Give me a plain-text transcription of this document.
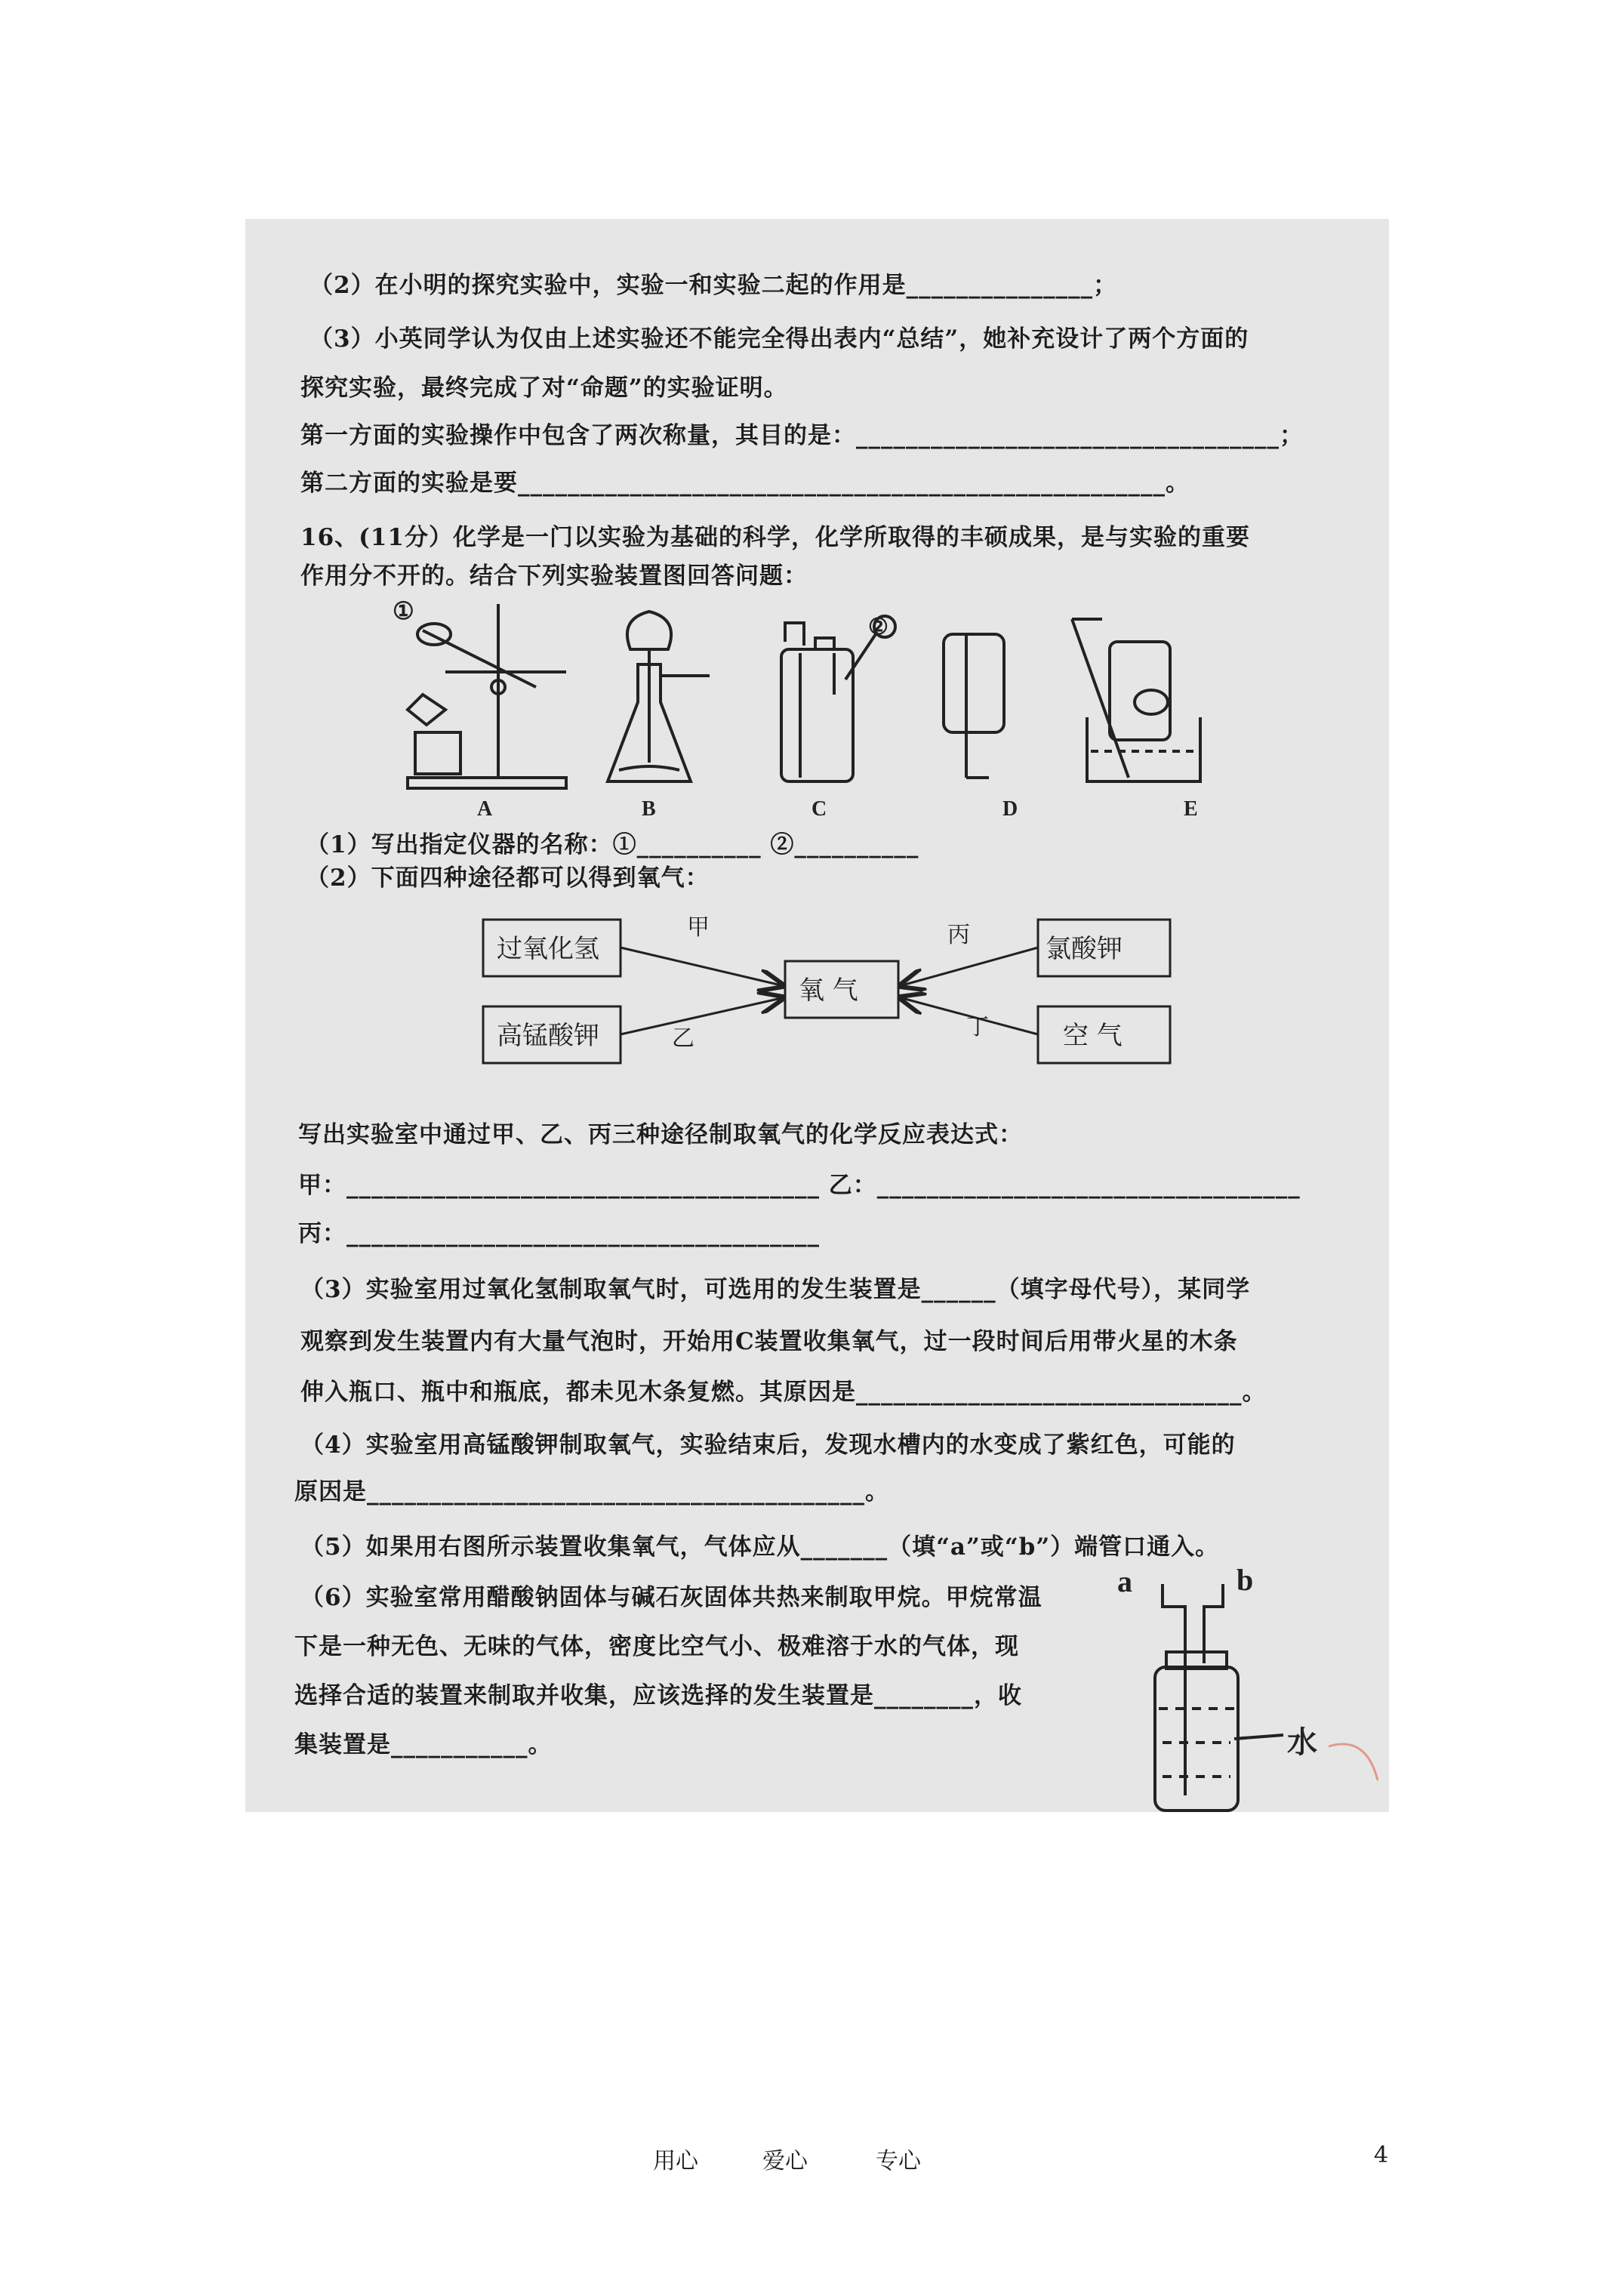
（2）在小明的探究实验中，实验一和实验二起的作用是_______________；
（3）小英同学认为仅由上述实验还不能完全得出表内“总结”，她补充设计了两个方面的
探究实验，最终完成了对“命题”的实验证明。
第一方面的实验操作中包含了两次称量，其目的是：__________________________________；
第二方面的实验是要____________________________________________________。
16、(11分）化学是一门以实验为基础的科学，化学所取得的丰硕成果，是与实验的重要
作用分不开的。结合下列实验装置图回答问题：
A	B	C	D	E
①
②
（1）写出指定仪器的名称：①__________ ②__________
（2）下面四种途径都可以得到氧气：
过氧化氢
高锰酸钾
氯酸钾
空 气
氧 气
甲
乙
丙
丁
写出实验室中通过甲、乙、丙三种途径制取氧气的化学反应表达式：
甲：______________________________________ 乙：__________________________________
丙：______________________________________
（3）实验室用过氧化氢制取氧气时，可选用的发生装置是______（填字母代号），某同学
观察到发生装置内有大量气泡时，开始用C装置收集氧气，过一段时间后用带火星的木条
伸入瓶口、瓶中和瓶底，都未见木条复燃。其原因是_______________________________。
（4）实验室用高锰酸钾制取氧气，实验结束后，发现水槽内的水变成了紫红色，可能的
原因是________________________________________。
（5）如果用右图所示装置收集氧气，气体应从_______（填“a”或“b”）端管口通入。
（6）实验室常用醋酸钠固体与碱石灰固体共热来制取甲烷。甲烷常温
下是一种无色、无味的气体，密度比空气小、极难溶于水的气体，现
选择合适的装置来制取并收集，应该选择的发生装置是________，收
集装置是___________。
a	b
水
用心	爱心	专心	4
